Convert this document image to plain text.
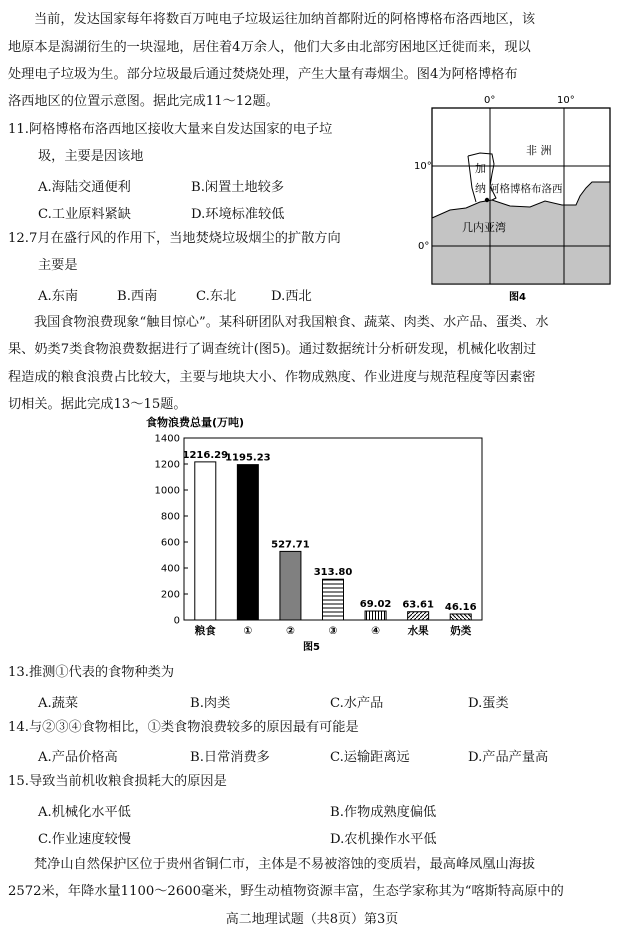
当前，发达国家每年将数百万吨电子垃圾运往加纳首都附近的阿格博格布洛西地区，该
地原本是潟湖衍生的一块湿地，居住着4万余人，他们大多由北部穷困地区迁徙而来，现以
处理电子垃圾为生。部分垃圾最后通过焚烧处理，产生大量有毒烟尘。图4为阿格博格布
洛西地区的位置示意图。据此完成11～12题。
11.阿格博格布洛西地区接收大量来自发达国家的电子垃
圾，主要是因该地
A.海陆交通便利	B.闲置土地较多
C.工业原料紧缺	D.环境标准较低
12.7月在盛行风的作用下，当地焚烧垃圾烟尘的扩散方向
主要是
A.东南	B.西南	C.东北	D.西北
0°	10°
10°
0°
非 洲
加
纳 阿格博格布洛西
几内亚湾
图4
我国食物浪费现象“触目惊心”。某科研团队对我国粮食、蔬菜、肉类、水产品、蛋类、水
果、奶类7类食物浪费数据进行了调查统计(图5)。通过数据统计分析研发现，机械化收割过
程造成的粮食浪费占比较大，主要与地块大小、作物成熟度、作业进度与规范程度等因素密
切相关。据此完成13～15题。
食物浪费总量(万吨)
0
200
400
600
800
1000
1200
1400
1216.29
1195.23
527.71
313.80
69.02 63.61 46.16
粮食	①	②	③	④	水果 奶类
图5
13.推测①代表的食物种类为
A.蔬菜	B.肉类	C.水产品	D.蛋类
14.与②③④食物相比，①类食物浪费较多的原因最有可能是
A.产品价格高	B.日常消费多	C.运输距离远	D.产品产量高
15.导致当前机收粮食损耗大的原因是
A.机械化水平低	B.作物成熟度偏低
C.作业速度较慢	D.农机操作水平低
梵净山自然保护区位于贵州省铜仁市，主体是不易被溶蚀的变质岩，最高峰凤凰山海拔
2572米，年降水量1100～2600毫米，野生动植物资源丰富，生态学家称其为“喀斯特高原中的
高二地理试题（共8页）第3页
